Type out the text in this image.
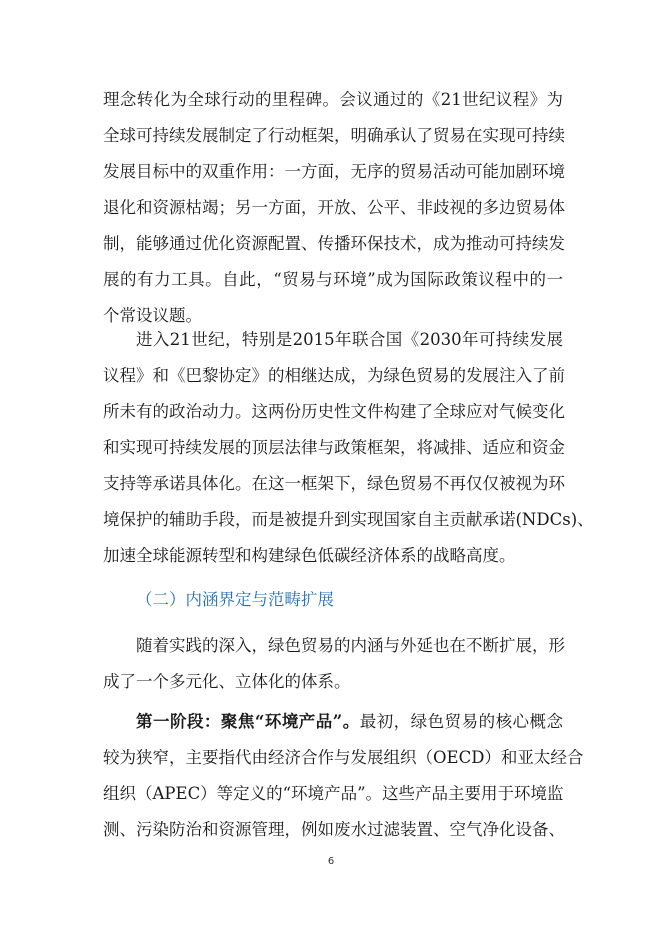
理念转化为全球行动的里程碑。会议通过的《21世纪议程》为
全球可持续发展制定了行动框架，明确承认了贸易在实现可持续
发展目标中的双重作用：一方面，无序的贸易活动可能加剧环境
退化和资源枯竭；另一方面，开放、公平、非歧视的多边贸易体
制，能够通过优化资源配置、传播环保技术，成为推动可持续发
展的有力工具。自此，“贸易与环境”成为国际政策议程中的一
个常设议题。
进入21世纪，特别是2015年联合国《2030年可持续发展
议程》和《巴黎协定》的相继达成，为绿色贸易的发展注入了前
所未有的政治动力。这两份历史性文件构建了全球应对气候变化
和实现可持续发展的顶层法律与政策框架，将减排、适应和资金
支持等承诺具体化。在这一框架下，绿色贸易不再仅仅被视为环
境保护的辅助手段，而是被提升到实现国家自主贡献承诺(NDCs)、
加速全球能源转型和构建绿色低碳经济体系的战略高度。
（二）内涵界定与范畴扩展
随着实践的深入，绿色贸易的内涵与外延也在不断扩展，形
成了一个多元化、立体化的体系。
第一阶段：聚焦“环境产品”。最初，绿色贸易的核心概念
较为狭窄，主要指代由经济合作与发展组织（OECD）和亚太经合
组织（APEC）等定义的“环境产品”。这些产品主要用于环境监
测、污染防治和资源管理，例如废水过滤装置、空气净化设备、
6
